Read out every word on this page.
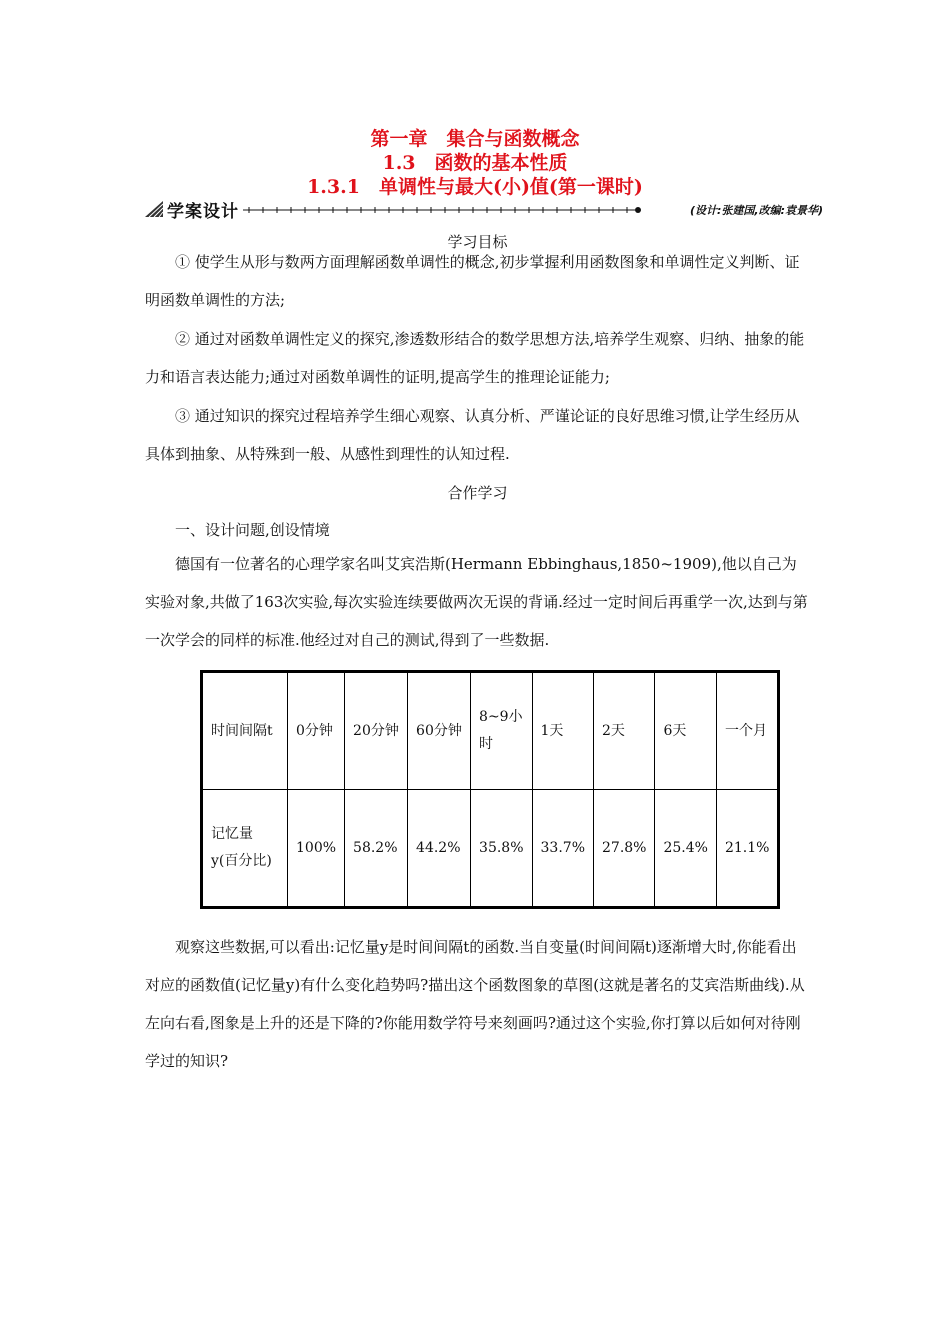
第一章　集合与函数概念
1.3　函数的基本性质
1.3.1　单调性与最大(小)值(第一课时)
学案设计	(设计:张建国,改编:袁景华)
学习目标
① 使学生从形与数两方面理解函数单调性的概念,初步掌握利用函数图象和单调性定义判断、证明函数单调性的方法;
② 通过对函数单调性定义的探究,渗透数形结合的数学思想方法,培养学生观察、归纳、抽象的能力和语言表达能力;通过对函数单调性的证明,提高学生的推理论证能力;
③ 通过知识的探究过程培养学生细心观察、认真分析、严谨论证的良好思维习惯,让学生经历从具体到抽象、从特殊到一般、从感性到理性的认知过程.
合作学习
一、设计问题,创设情境
德国有一位著名的心理学家名叫艾宾浩斯(Hermann Ebbinghaus,1850~1909),他以自己为实验对象,共做了163次实验,每次实验连续要做两次无误的背诵.经过一定时间后再重学一次,达到与第一次学会的同样的标准.他经过对自己的测试,得到了一些数据.
时间间隔t	0分钟	20分钟	60分钟	8~9小时	1天	2天	6天	一个月
记忆量y(百分比)	100%	58.2%	44.2%	35.8%	33.7%	27.8%	25.4%	21.1%
观察这些数据,可以看出:记忆量y是时间间隔t的函数.当自变量(时间间隔t)逐渐增大时,你能看出对应的函数值(记忆量y)有什么变化趋势吗?描出这个函数图象的草图(这就是著名的艾宾浩斯曲线).从左向右看,图象是上升的还是下降的?你能用数学符号来刻画吗?通过这个实验,你打算以后如何对待刚学过的知识?
